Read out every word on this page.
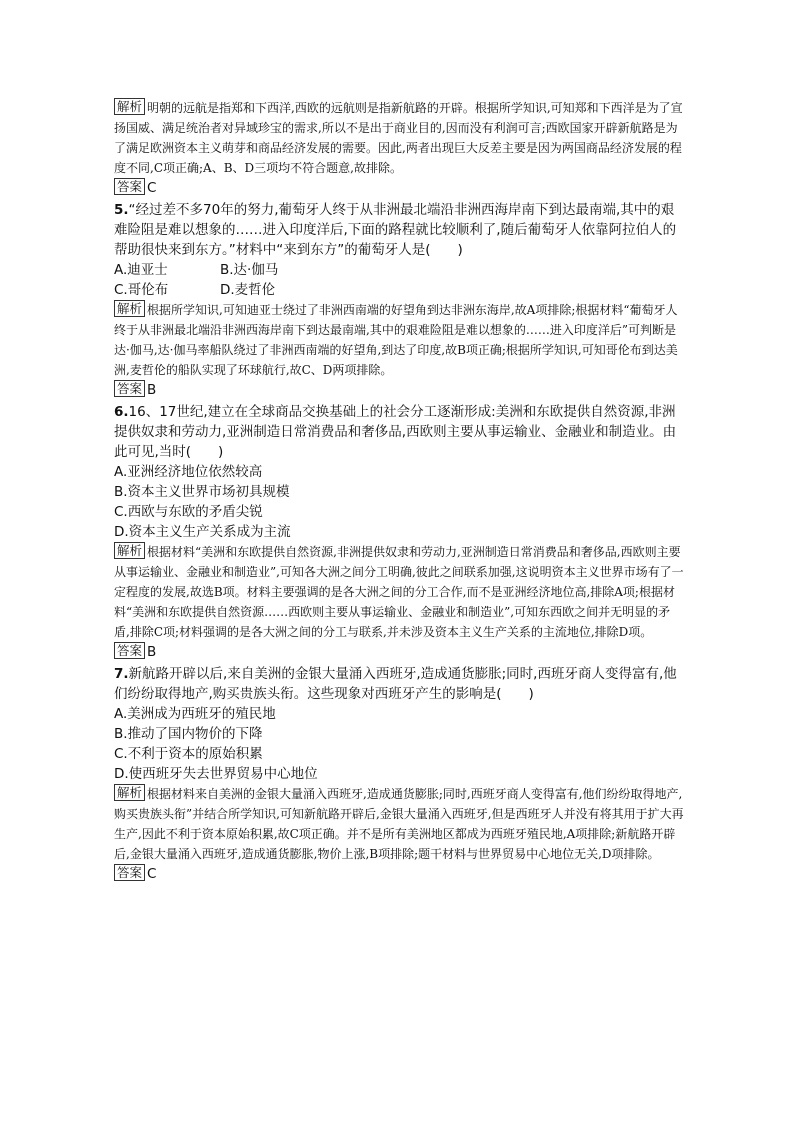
解析 明朝的远航是指郑和下西洋,西欧的远航则是指新航路的开辟。根据所学知识,可知郑和下西洋是为了宣扬国威、满足统治者对异域珍宝的需求,所以不是出于商业目的,因而没有利润可言;西欧国家开辟新航路是为了满足欧洲资本主义萌芽和商品经济发展的需要。因此,两者出现巨大反差主要是因为两国商品经济发展的程度不同,C项正确;A、B、D三项均不符合题意,故排除。

答案 C

5.“经过差不多70年的努力,葡萄牙人终于从非洲最北端沿非洲西海岸南下到达最南端,其中的艰难险阻是难以想象的……进入印度洋后,下面的路程就比较顺利了,随后葡萄牙人依靠阿拉伯人的帮助很快来到东方。”材料中“来到东方”的葡萄牙人是(　　)

A.迪亚士	B.达·伽马

C.哥伦布	D.麦哲伦

解析 根据所学知识,可知迪亚士绕过了非洲西南端的好望角到达非洲东海岸,故A项排除;根据材料“葡萄牙人终于从非洲最北端沿非洲西海岸南下到达最南端,其中的艰难险阻是难以想象的……进入印度洋后”可判断是达·伽马,达·伽马率船队绕过了非洲西南端的好望角,到达了印度,故B项正确;根据所学知识,可知哥伦布到达美洲,麦哲伦的船队实现了环球航行,故C、D两项排除。

答案 B

6.16、17世纪,建立在全球商品交换基础上的社会分工逐渐形成:美洲和东欧提供自然资源,非洲提供奴隶和劳动力,亚洲制造日常消费品和奢侈品,西欧则主要从事运输业、金融业和制造业。由此可见,当时(　　)

A.亚洲经济地位依然较高

B.资本主义世界市场初具规模

C.西欧与东欧的矛盾尖锐

D.资本主义生产关系成为主流

解析 根据材料“美洲和东欧提供自然资源,非洲提供奴隶和劳动力,亚洲制造日常消费品和奢侈品,西欧则主要从事运输业、金融业和制造业”,可知各大洲之间分工明确,彼此之间联系加强,这说明资本主义世界市场有了一定程度的发展,故选B项。材料主要强调的是各大洲之间的分工合作,而不是亚洲经济地位高,排除A项;根据材料“美洲和东欧提供自然资源……西欧则主要从事运输业、金融业和制造业”,可知东西欧之间并无明显的矛盾,排除C项;材料强调的是各大洲之间的分工与联系,并未涉及资本主义生产关系的主流地位,排除D项。

答案 B

7.新航路开辟以后,来自美洲的金银大量涌入西班牙,造成通货膨胀;同时,西班牙商人变得富有,他们纷纷取得地产,购买贵族头衔。这些现象对西班牙产生的影响是(　　)

A.美洲成为西班牙的殖民地

B.推动了国内物价的下降

C.不利于资本的原始积累

D.使西班牙失去世界贸易中心地位

解析 根据材料来自美洲的金银大量涌入西班牙,造成通货膨胀;同时,西班牙商人变得富有,他们纷纷取得地产,购买贵族头衔”并结合所学知识,可知新航路开辟后,金银大量涌入西班牙,但是西班牙人并没有将其用于扩大再生产,因此不利于资本原始积累,故C项正确。并不是所有美洲地区都成为西班牙殖民地,A项排除;新航路开辟后,金银大量涌入西班牙,造成通货膨胀,物价上涨,B项排除;题干材料与世界贸易中心地位无关,D项排除。

答案 C
